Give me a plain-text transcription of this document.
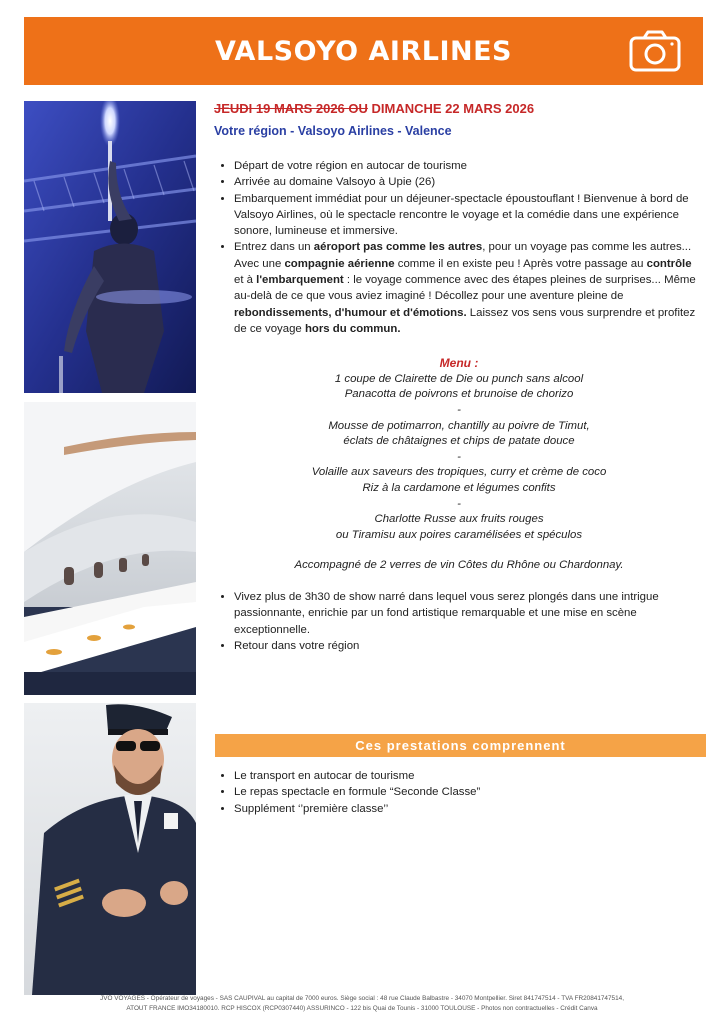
VALSOYO AIRLINES
JEUDI 19 MARS 2026 OU DIMANCHE 22 MARS 2026
Votre région - Valsoyo Airlines - Valence
• Départ de votre région en autocar de tourisme
• Arrivée au domaine Valsoyo à Upie (26)
• Embarquement immédiat pour un déjeuner-spectacle époustouflant ! Bienvenue à bord de Valsoyo Airlines, où le spectacle rencontre le voyage et la comédie dans une expérience sonore, lumineuse et immersive.
• Entrez dans un aéroport pas comme les autres, pour un voyage pas comme les autres... Avec une compagnie aérienne comme il en existe peu ! Après votre passage au contrôle et à l'embarquement : le voyage commence avec des étapes pleines de surprises... Même au-delà de ce que vous aviez imaginé ! Décollez pour une aventure pleine de rebondissements, d'humour et d'émotions. Laissez vos sens vous surprendre et profitez de ce voyage hors du commun.
Menu :
1 coupe de Clairette de Die ou punch sans alcool
Panacotta de poivrons et brunoise de chorizo
-
Mousse de potimarron, chantilly au poivre de Timut,
éclats de châtaignes et chips de patate douce
-
Volaille aux saveurs des tropiques, curry et crème de coco
Riz à la cardamone et légumes confits
-
Charlotte Russe aux fruits rouges
ou Tiramisu aux poires caramélisées et spéculos
Accompagné de 2 verres de vin Côtes du Rhône ou Chardonnay.
• Vivez plus de 3h30 de show narré dans lequel vous serez plongés dans une intrigue passionnante, enrichie par un fond artistique remarquable et une mise en scène exceptionnelle.
• Retour dans votre région
Ces prestations comprennent
• Le transport en autocar de tourisme
• Le repas spectacle en formule “Seconde Classe”
• Supplément ‘’première classe’’
JVO VOYAGES - Opérateur de voyages - SAS CAUPIVAL au capital de 7000 euros. Siège social : 48 rue Claude Balbastre - 34070 Montpellier. Siret 841747514 - TVA FR20841747514,
ATOUT FRANCE IMO34180010. RCP HISCOX (RCP0307440) ASSURINCO - 122 bis Quai de Tounis - 31000 TOULOUSE - Photos non contractuelles - Crédit Canva
